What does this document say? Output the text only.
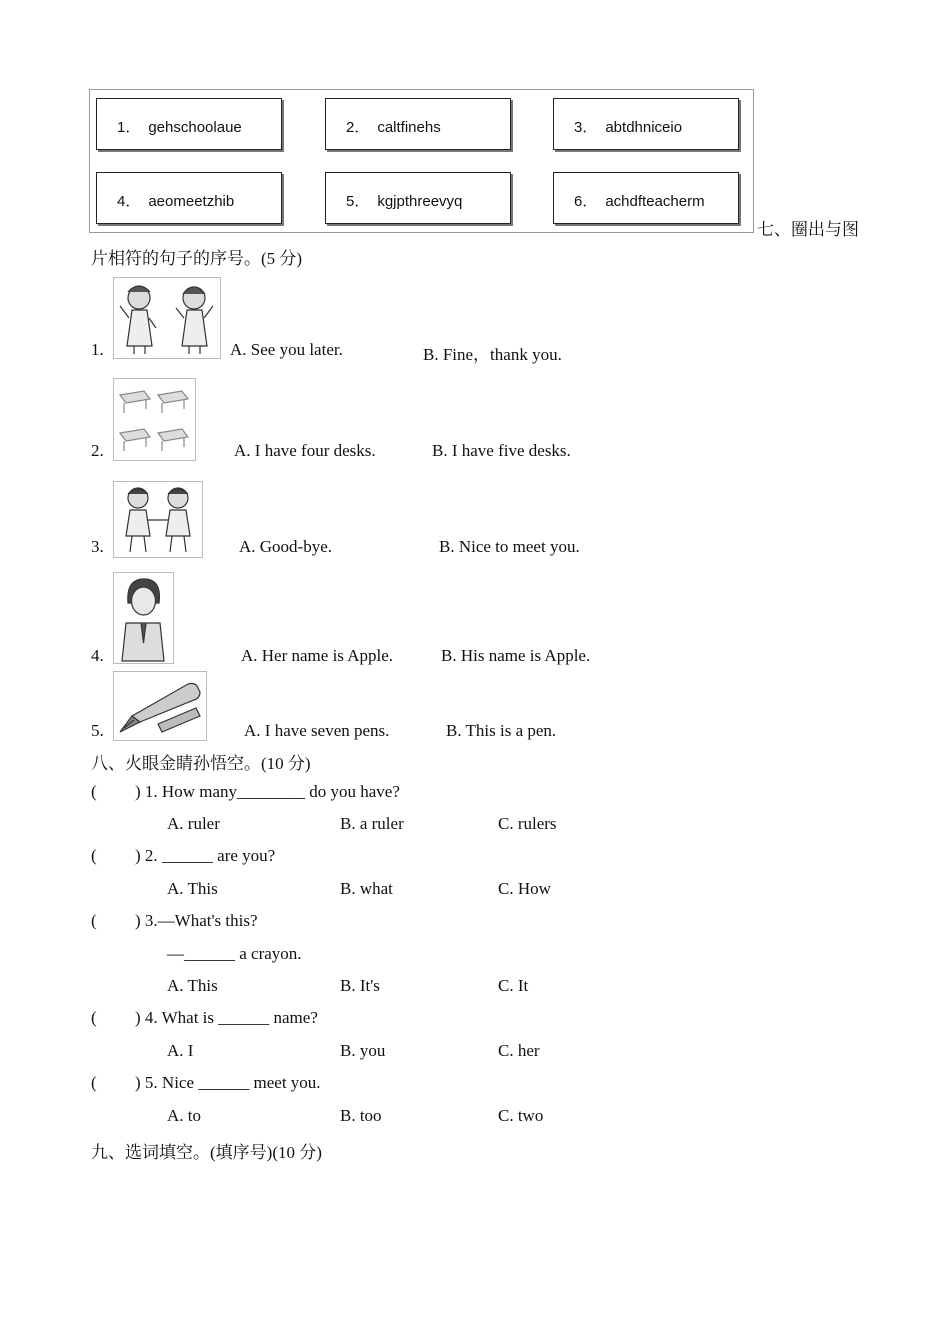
1． gehschoolaue	2． caltfinehs	3． abtdhniceio
4． aeomeetzhib	5． kgjpthreevyq	6． achdfteacherm
七、圈出与图
片相符的句子的序号。(5 分)
1.	A. See you later.	B. Fine，thank you.
2.	A. I have four desks.	B. I have five desks.
3.	A. Good-bye.	B. Nice to meet you.
4.	A. Her name is Apple.	B. His name is Apple.
5.	A. I have seven pens.	B. This is a pen.
八、火眼金睛孙悟空。(10 分)
( ) 1. How many________ do you have?
A. ruler	B. a ruler	C. rulers
( ) 2. ______ are you?
A. This	B. what	C. How
( ) 3.—What's this?
—______ a crayon.
A. This	B. It's	C. It
( ) 4. What is ______ name?
A. I	B. you	C. her
( ) 5. Nice ______ meet you.
A. to	B. too	C. two
九、选词填空。(填序号)(10 分)
